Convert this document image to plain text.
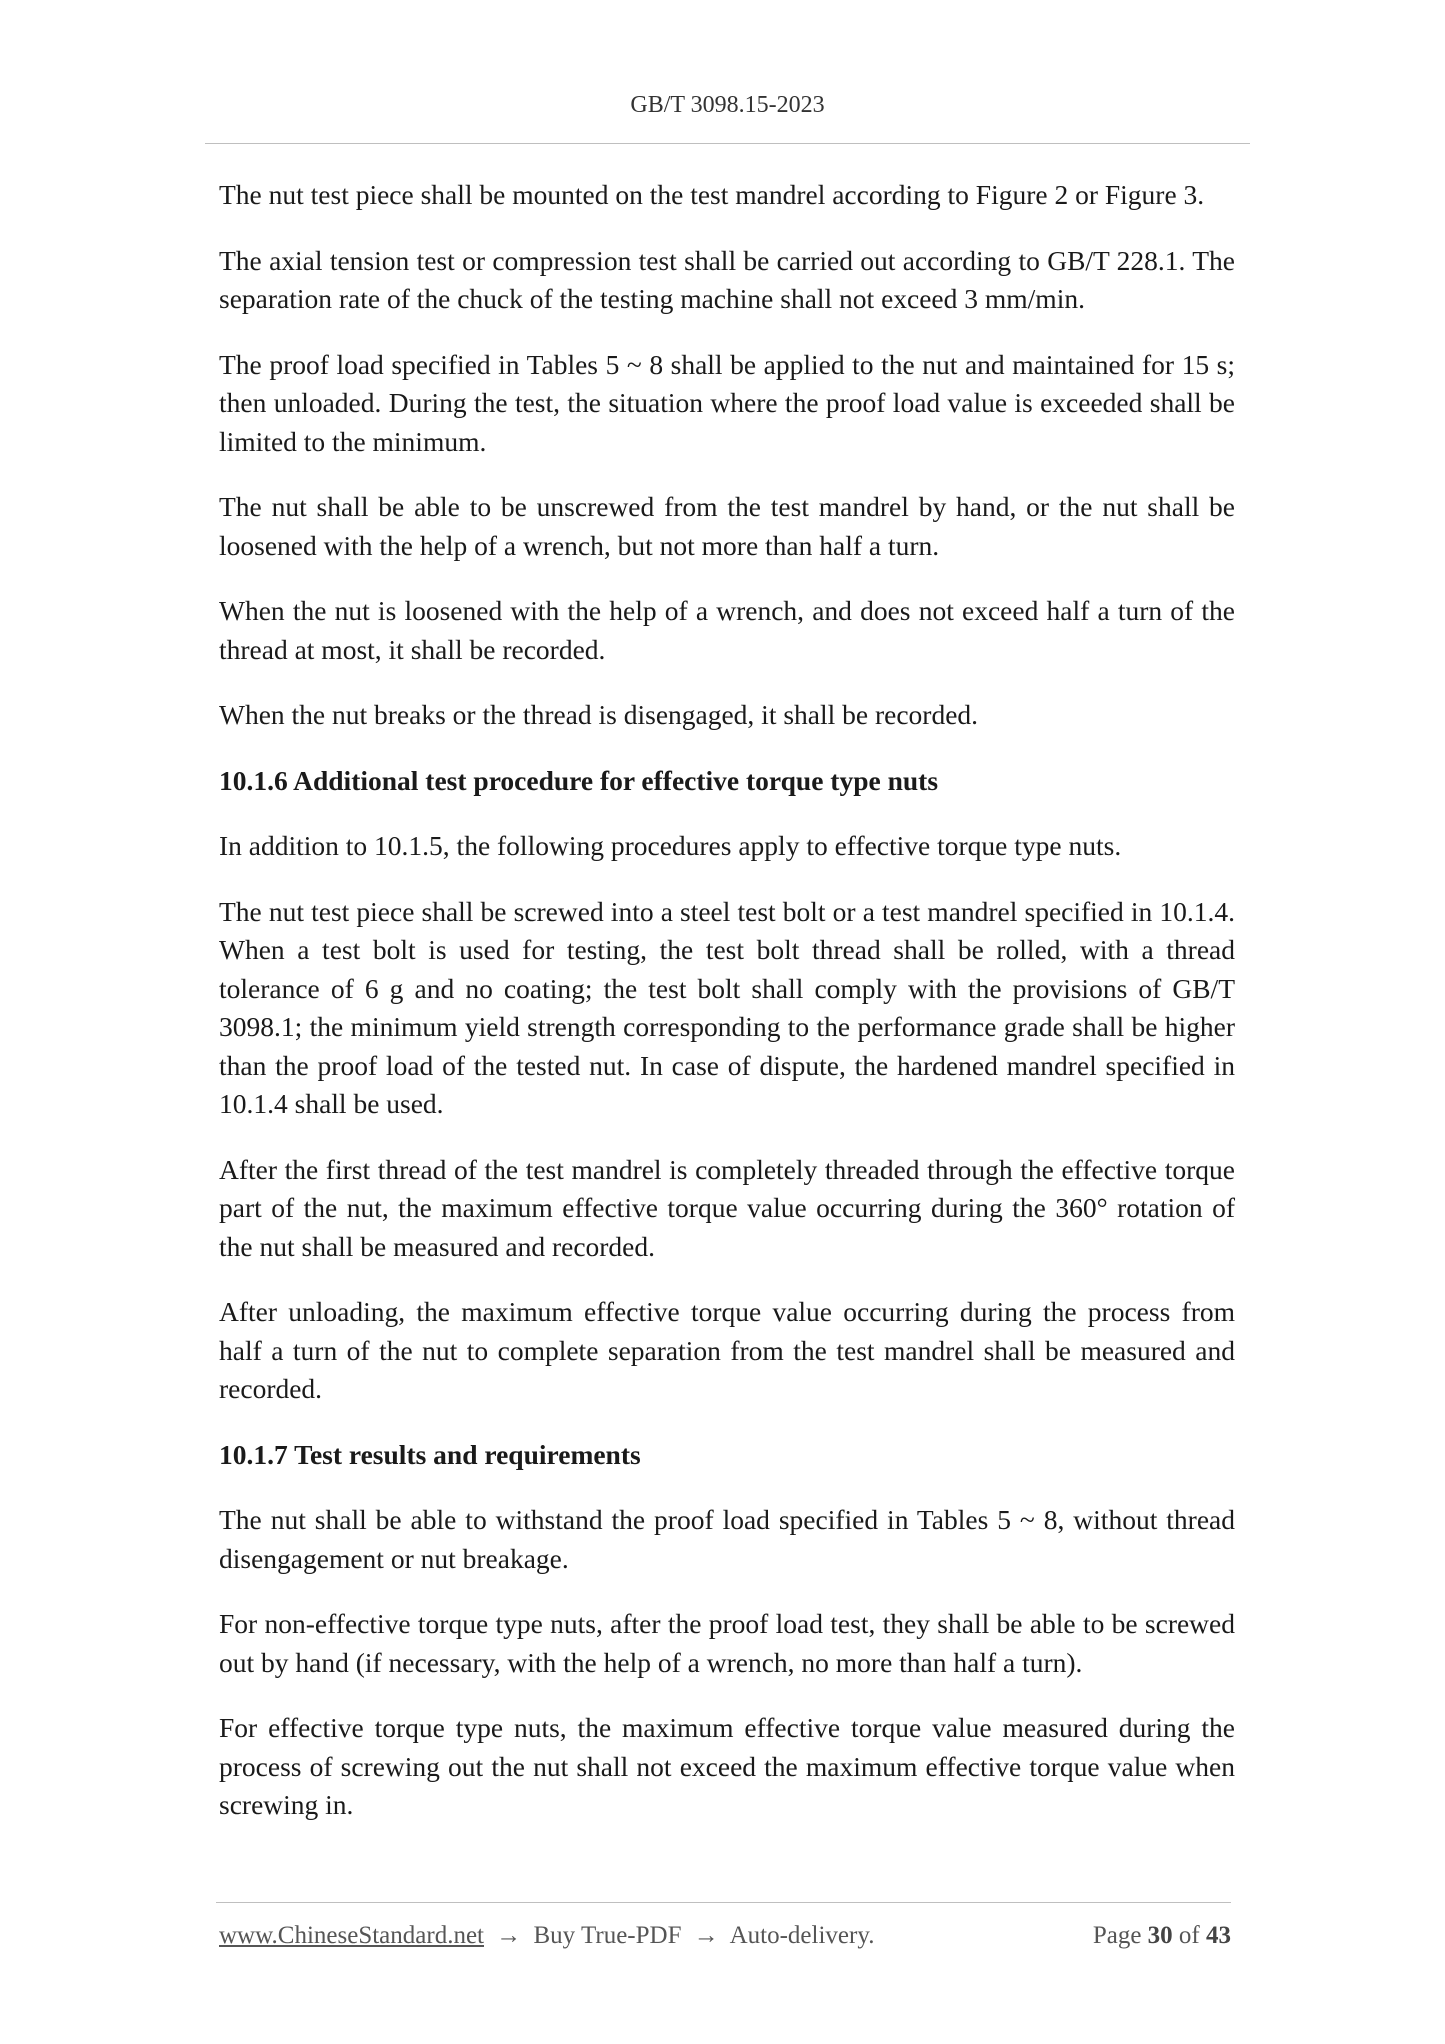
GB/T 3098.15-2023

The nut test piece shall be mounted on the test mandrel according to Figure 2 or Figure 3.

The axial tension test or compression test shall be carried out according to GB/T 228.1. The separation rate of the chuck of the testing machine shall not exceed 3 mm/min.

The proof load specified in Tables 5 ~ 8 shall be applied to the nut and maintained for 15 s; then unloaded. During the test, the situation where the proof load value is exceeded shall be limited to the minimum.

The nut shall be able to be unscrewed from the test mandrel by hand, or the nut shall be loosened with the help of a wrench, but not more than half a turn.

When the nut is loosened with the help of a wrench, and does not exceed half a turn of the thread at most, it shall be recorded.

When the nut breaks or the thread is disengaged, it shall be recorded.

10.1.6 Additional test procedure for effective torque type nuts

In addition to 10.1.5, the following procedures apply to effective torque type nuts.

The nut test piece shall be screwed into a steel test bolt or a test mandrel specified in 10.1.4. When a test bolt is used for testing, the test bolt thread shall be rolled, with a thread tolerance of 6 g and no coating; the test bolt shall comply with the provisions of GB/T 3098.1; the minimum yield strength corresponding to the performance grade shall be higher than the proof load of the tested nut. In case of dispute, the hardened mandrel specified in 10.1.4 shall be used.

After the first thread of the test mandrel is completely threaded through the effective torque part of the nut, the maximum effective torque value occurring during the 360° rotation of the nut shall be measured and recorded.

After unloading, the maximum effective torque value occurring during the process from half a turn of the nut to complete separation from the test mandrel shall be measured and recorded.

10.1.7 Test results and requirements

The nut shall be able to withstand the proof load specified in Tables 5 ~ 8, without thread disengagement or nut breakage.

For non-effective torque type nuts, after the proof load test, they shall be able to be screwed out by hand (if necessary, with the help of a wrench, no more than half a turn).

For effective torque type nuts, the maximum effective torque value measured during the process of screwing out the nut shall not exceed the maximum effective torque value when screwing in.

www.ChineseStandard.net → Buy True-PDF → Auto-delivery.	Page 30 of 43
